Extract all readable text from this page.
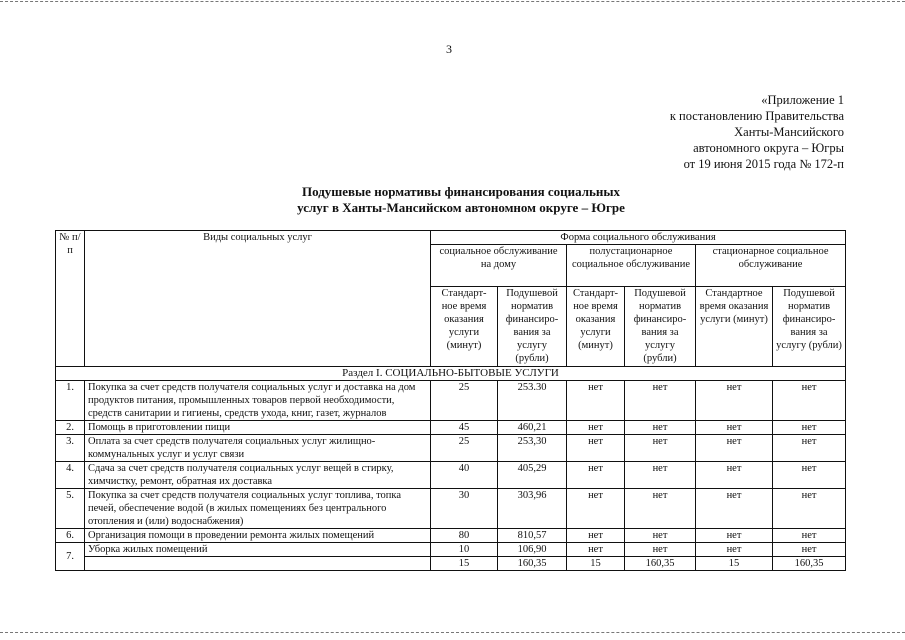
3
«Приложение 1
к постановлению Правительства
Ханты-Мансийского
автономного округа – Югры
от 19 июня 2015 года № 172-п
Подушевые нормативы финансирования социальных
услуг в Ханты-Мансийском автономном округе – Югре
№ п/п	Виды социальных услуг	Форма социального обслуживания					
		социальное обслуживание на дому		полустационарное социальное обслуживание		стационарное социальное обслуживание	
		Стандарт-ное время оказания услуги (минут)	Подушевой норматив финансиро-вания за услугу (рубли)	Стандарт-ное время оказания услуги (минут)	Подушевой норматив финансиро-вания за услугу (рубли)	Стандартное время оказания услуги (минут)	Подушевой норматив финансиро-вания за услугу (рубли)
Раздел I. СОЦИАЛЬНО-БЫТОВЫЕ УСЛУГИ							
1.	Покупка за счет средств получателя социальных услуг и доставка на дом продуктов питания, промышленных товаров первой необходимости, средств санитарии и гигиены, средств ухода, книг, газет, журналов	25	253.30	нет	нет	нет	нет
2.	Помощь в приготовлении пищи	45	460,21	нет	нет	нет	нет
3.	Оплата за счет средств получателя социальных услуг жилищно-коммунальных услуг и услуг связи	25	253,30	нет	нет	нет	нет
4.	Сдача за счет средств получателя социальных услуг вещей в стирку, химчистку, ремонт, обратная их доставка	40	405,29	нет	нет	нет	нет
5.	Покупка за счет средств получателя социальных услуг топлива, топка печей, обеспечение водой (в жилых помещениях без центрального отопления и (или) водоснабжения)	30	303,96	нет	нет	нет	нет
6.	Организация помощи в проведении ремонта жилых помещений	80	810,57	нет	нет	нет	нет
7.	Уборка жилых помещений	10	106,90	нет	нет	нет	нет
		15	160,35	15	160,35	15	160,35
